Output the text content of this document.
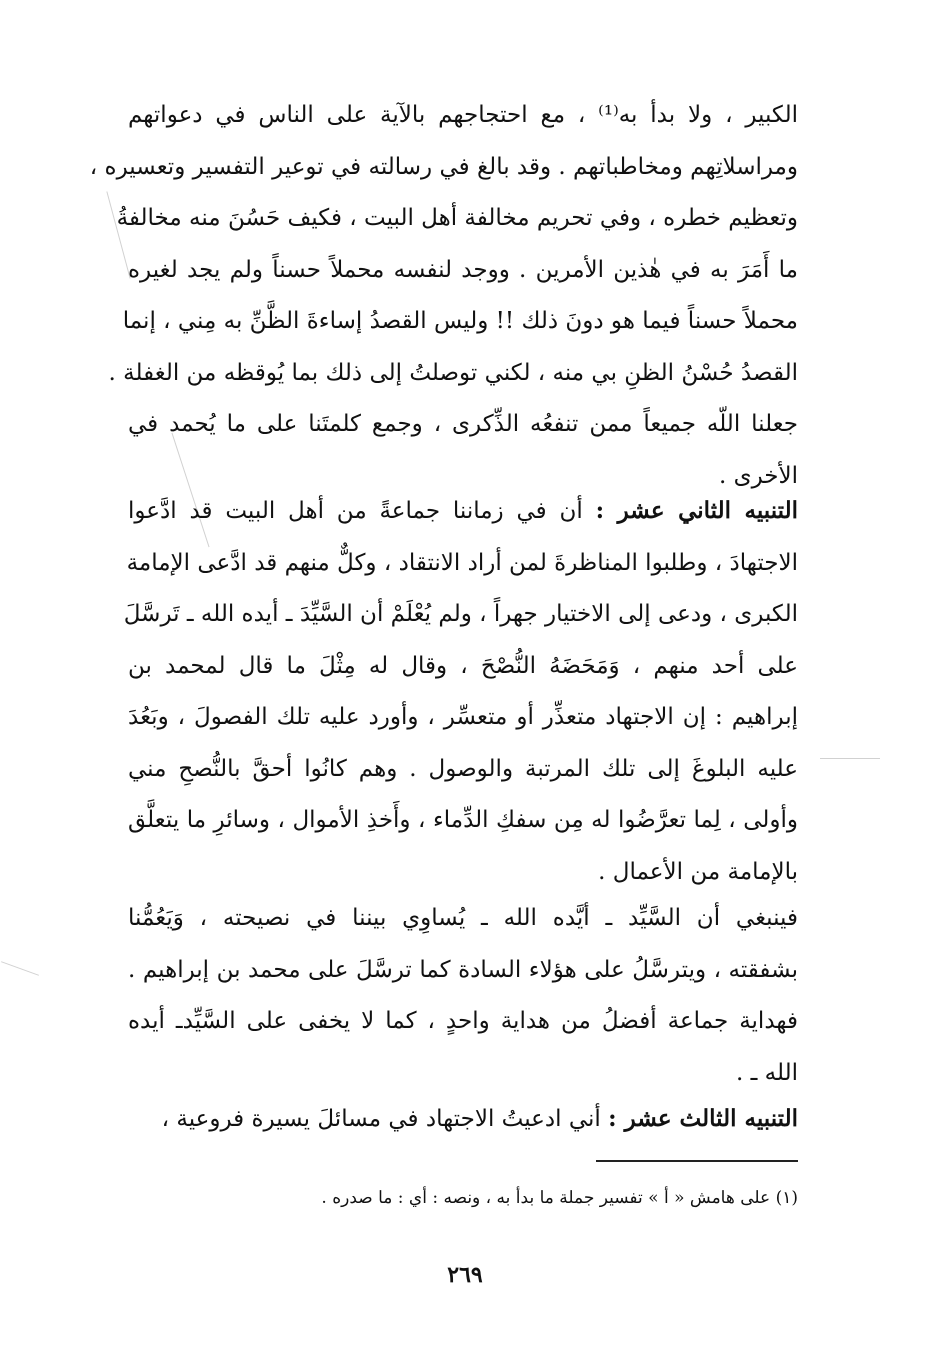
الكبير ، ولا بدأ به⁽¹⁾ ، مع احتجاجهم بالآية على الناس في دعواتهم
ومراسلاتِهم ومخاطباتهم . وقد بالغ في رسالته في توعير التفسير وتعسيره ،
وتعظيم خطره ، وفي تحريم مخالفة أهل البيت ، فكيف حَسُنَ منه مخالفةُ
ما أَمَرَ به في هٰذين الأمرين . ووجد لنفسه محملاً حسناً ولم يجد لغيره
محملاً حسناً فيما هو دونَ ذلك !! وليس القصدُ إساءةَ الظَّنِّ به مِني ، إنما
القصدُ حُسْنُ الظنِ بي منه ، لكني توصلتُ إلى ذلك بما يُوقظه من الغفلة .
جعلنا اللّه جميعاً ممن تنفعُه الذِّكرى ، وجمع كلمتَنا على ما يُحمد في
الأخرى .
التنبيه الثاني عشر : أن في زماننا جماعةً من أهل البيت قد ادَّعوا
الاجتهادَ ، وطلبوا المناظرةَ لمن أراد الانتقاد ، وكلٌّ منهم قد ادَّعى الإمامة
الكبرى ، ودعى إلى الاختيار جهراً ، ولم يُعْلَمْ أن السَّيِّدَ ـ أيده الله ـ تَرسَّلَ
على أحد منهم ، وَمَحَضَهُ النُّصْحَ ، وقال له مِثْلَ ما قال لمحمد بن
إبراهيم : إن الاجتهاد متعذِّر أو متعسِّر ، وأورد عليه تلك الفصولَ ، وبَعُدَ
عليه البلوغَ إلى تلك المرتبة والوصول . وهم كانُوا أحقَّ بالنُّصحِ مني
وأولى ، لِما تعرَّضُوا له مِن سفكِ الدِّماء ، وأَخذِ الأموال ، وسائرِ ما يتعلَّق
بالإمامة من الأعمال .
فينبغي أن السَّيِّد ـ أيَّده الله ـ يُساوِي بيننا في نصيحته ، وَيَعُمُّنا
بشفقته ، ويترسَّلُ على هؤلاء السادة كما ترسَّلَ على محمد بن إبراهيم .
فهداية جماعة أفضلُ من هداية واحدٍ ، كما لا يخفى على السَّيِّدـ أيده
الله ـ .
التنبيه الثالث عشر : أني ادعيتُ الاجتهاد في مسائلَ يسيرة فروعية ،
(١) على هامش « أ » تفسير جملة ما بدأ به ، ونصه : أي : ما صدره .
٢٦٩
